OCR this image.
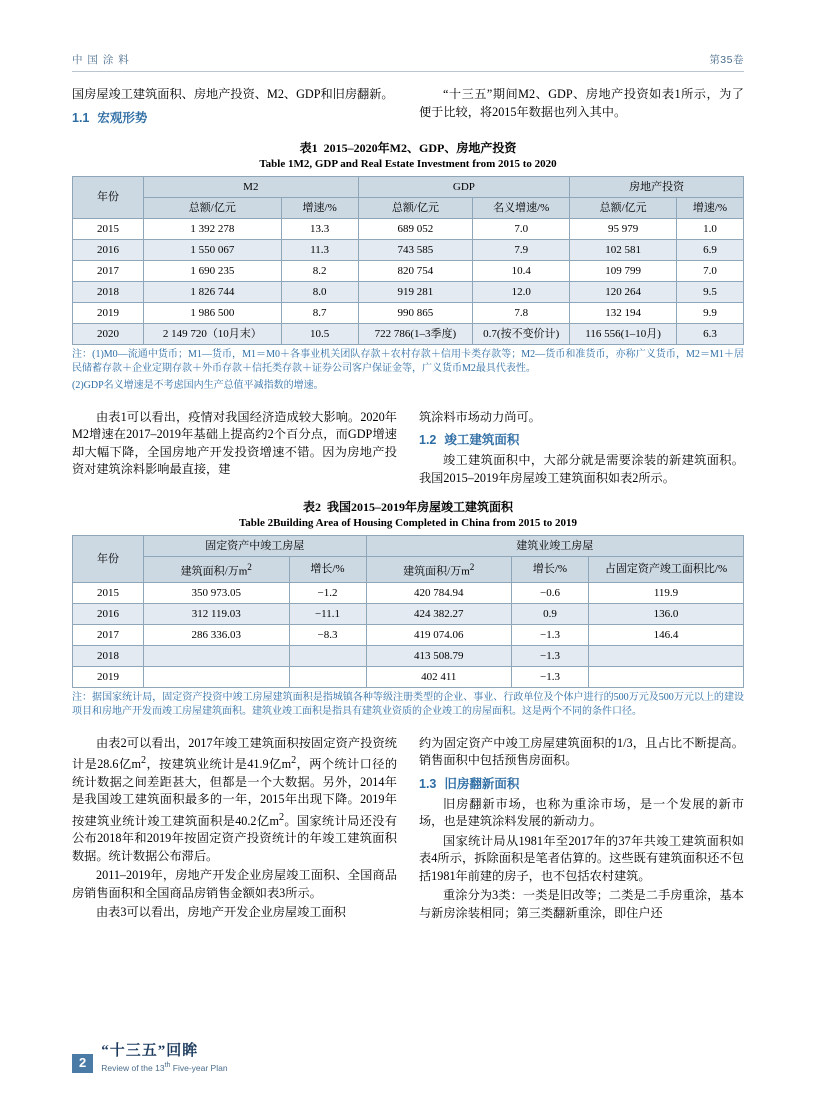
中 国 涂 料	第35卷

国房屋竣工建筑面积、房地产投资、M2、GDP和旧房翻新。

1.1 宏观形势

“十三五”期间M2、GDP、房地产投资如表1所示，为了便于比较，将2015年数据也列入其中。

表1 2015–2020年M2、GDP、房地产投资
Table 1M2, GDP and Real Estate Investment from 2015 to 2020
年份	M2		GDP		房地产投资	
	总额/亿元	增速/%	总额/亿元	名义增速/%	总额/亿元	增速/%
2015	1 392 278	13.3	689 052	7.0	95 979	1.0
2016	1 550 067	11.3	743 585	7.9	102 581	6.9
2017	1 690 235	8.2	820 754	10.4	109 799	7.0
2018	1 826 744	8.0	919 281	12.0	120 264	9.5
2019	1 986 500	8.7	990 865	7.8	132 194	9.9
2020	2 149 720（10月末）	10.5	722 786(1–3季度)	0.7(按不变价计)	116 556(1–10月)	6.3
注：(1)M0—流通中货币；M1—货币，M1＝M0＋各事业机关团队存款＋农村存款＋信用卡类存款等；M2—货币和准货币，亦称广义货币，M2＝M1＋居民储蓄存款＋企业定期存款＋外币存款＋信托类存款＋证券公司客户保证金等，广义货币M2最具代表性。
(2)GDP名义增速是不考虑国内生产总值平减指数的增速。

由表1可以看出，疫情对我国经济造成较大影响。2020年M2增速在2017–2019年基础上提高约2个百分点，而GDP增速却大幅下降，全国房地产开发投资增速不错。因为房地产投资对建筑涂料影响最直接，建

筑涂料市场动力尚可。

1.2 竣工建筑面积

竣工建筑面积中，大部分就是需要涂装的新建筑面积。我国2015–2019年房屋竣工建筑面积如表2所示。

表2 我国2015–2019年房屋竣工建筑面积
Table 2Building Area of Housing Completed in China from 2015 to 2019
年份	固定资产中竣工房屋		建筑业竣工房屋		
	建筑面积/万$m^2$	增长/%	建筑面积/万$m^2$	增长/%	占固定资产竣工面积比/%
2015	350 973.05	−1.2	420 784.94	−0.6	119.9
2016	312 119.03	−11.1	424 382.27	0.9	136.0
2017	286 336.03	−8.3	419 074.06	−1.3	146.4
2018			413 508.79	−1.3	
2019			402 411	−1.3	
注：据国家统计局，固定资产投资中竣工房屋建筑面积是指城镇各种等级注册类型的企业、事业、行政单位及个体户进行的500万元及500万元以上的建设项目和房地产开发而竣工房屋建筑面积。建筑业竣工面积是指具有建筑业资质的企业竣工的房屋面积。这是两个不同的条件口径。

由表2可以看出，2017年竣工建筑面积按固定资产投资统计是28.6亿$m^2$，按建筑业统计是41.9亿$m^2$，两个统计口径的统计数据之间差距甚大，但都是一个大数据。另外，2014年是我国竣工建筑面积最多的一年，2015年出现下降。2019年按建筑业统计竣工建筑面积是40.2亿$m^2$。国家统计局还没有公布2018年和2019年按固定资产投资统计的年竣工建筑面积数据。统计数据公布滞后。

2011–2019年，房地产开发企业房屋竣工面积、全国商品房销售面积和全国商品房销售金额如表3所示。

由表3可以看出，房地产开发企业房屋竣工面积

约为固定资产中竣工房屋建筑面积的1/3，且占比不断提高。销售面积中包括预售房面积。

1.3 旧房翻新面积

旧房翻新市场，也称为重涂市场，是一个发展的新市场，也是建筑涂料发展的新动力。

国家统计局从1981年至2017年的37年共竣工建筑面积如表4所示，拆除面积是笔者估算的。这些既有建筑面积还不包括1981年前建的房子，也不包括农村建筑。

重涂分为3类：一类是旧改等；二类是二手房重涂，基本与新房涂装相同；第三类翻新重涂，即住户还

2
“十三五”回眸
Review of the 13th Five-year Plan
